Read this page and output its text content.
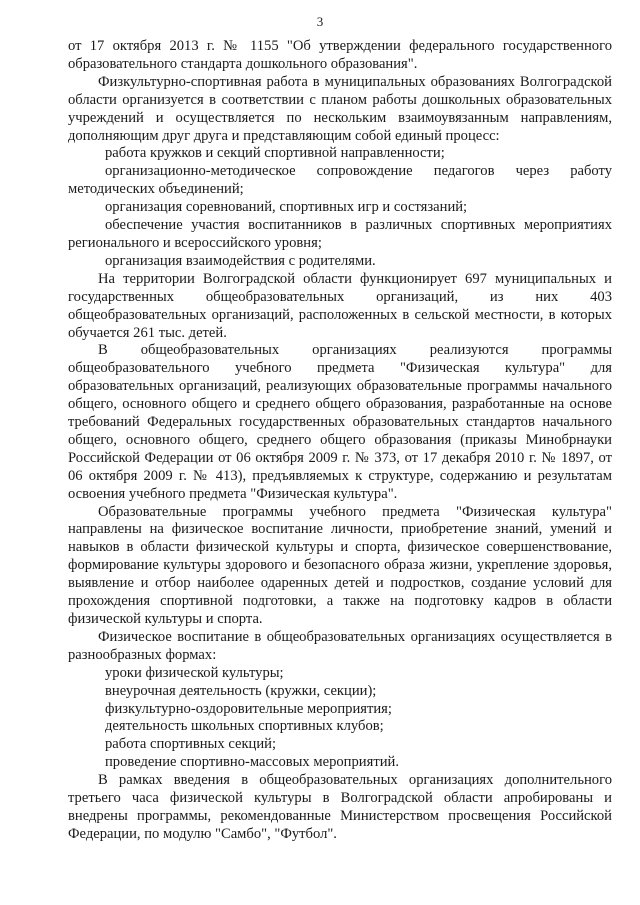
3

от 17 октября 2013 г. № 1155 "Об утверждении федерального государственного образовательного стандарта дошкольного образования".

Физкультурно-спортивная работа в муниципальных образованиях Волгоградской области организуется в соответствии с планом работы дошкольных образовательных учреждений и осуществляется по нескольким взаимоувязанным направлениям, дополняющим друг друга и представляющим собой единый процесс:

работа кружков и секций спортивной направленности;

организационно-методическое сопровождение педагогов через работу методических объединений;

организация соревнований, спортивных игр и состязаний;

обеспечение участия воспитанников в различных спортивных мероприятиях регионального и всероссийского уровня;

организация взаимодействия с родителями.

На территории Волгоградской области функционирует 697 муниципальных и государственных общеобразовательных организаций, из них 403 общеобразовательных организаций, расположенных в сельской местности, в которых обучается 261 тыс. детей.

В общеобразовательных организациях реализуются программы общеобразовательного учебного предмета "Физическая культура" для образовательных организаций, реализующих образовательные программы начального общего, основного общего и среднего общего образования, разработанные на основе требований Федеральных государственных образовательных стандартов начального общего, основного общего, среднего общего образования (приказы Минобрнауки Российской Федерации от 06 октября 2009 г. № 373, от 17 декабря 2010 г. № 1897, от 06 октября 2009 г. № 413), предъявляемых к структуре, содержанию и результатам освоения учебного предмета "Физическая культура".

Образовательные программы учебного предмета "Физическая культура" направлены на физическое воспитание личности, приобретение знаний, умений и навыков в области физической культуры и спорта, физическое совершенствование, формирование культуры здорового и безопасного образа жизни, укрепление здоровья, выявление и отбор наиболее одаренных детей и подростков, создание условий для прохождения спортивной подготовки, а также на подготовку кадров в области физической культуры и спорта.

Физическое воспитание в общеобразовательных организациях осуществляется в разнообразных формах:

уроки физической культуры;

внеурочная деятельность (кружки, секции);

физкультурно-оздоровительные мероприятия;

деятельность школьных спортивных клубов;

работа спортивных секций;

проведение спортивно-массовых мероприятий.

В рамках введения в общеобразовательных организациях дополнительного третьего часа физической культуры в Волгоградской области апробированы и внедрены программы, рекомендованные Министерством просвещения Российской Федерации, по модулю "Самбо", "Футбол".
